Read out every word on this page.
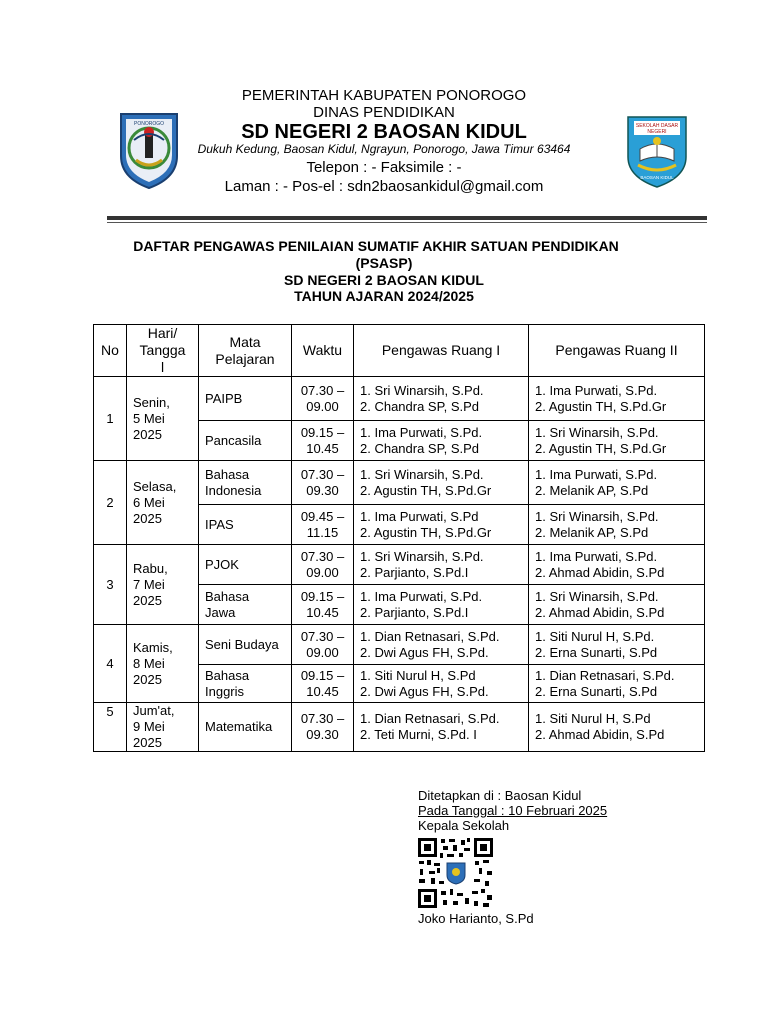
PEMERINTAH KABUPATEN PONOROGO
DINAS PENDIDIKAN
SD NEGERI 2 BAOSAN KIDUL
Dukuh Kedung, Baosan Kidul, Ngrayun, Ponorogo, Jawa Timur 63464
Telepon : - Faksimile : -
Laman : - Pos-el : sdn2baosankidul@gmail.com
PONOROGO	SEKOLAH DASAR
NEGERI
BAOSAN KIDUL
DAFTAR PENGAWAS PENILAIAN SUMATIF AKHIR SATUAN PENDIDIKAN
(PSASP)
SD NEGERI 2 BAOSAN KIDUL
TAHUN AJARAN 2024/2025
No	Hari/
Tangga
l	Mata
Pelajaran	Waktu	Pengawas Ruang I	Pengawas Ruang II
1	Senin,
5 Mei
2025	PAIPB	07.30 –
09.00	1. Sri Winarsih, S.Pd.
2. Chandra SP, S.Pd	1. Ima Purwati, S.Pd.
2. Agustin TH, S.Pd.Gr

		Pancasila	09.15 –
10.45	1. Ima Purwati, S.Pd.
2. Chandra SP, S.Pd	1. Sri Winarsih, S.Pd.
2. Agustin TH, S.Pd.Gr

2	Selasa,
6 Mei
2025	Bahasa
Indonesia	07.30 –
09.30	1. Sri Winarsih, S.Pd.
2. Agustin TH, S.Pd.Gr	1. Ima Purwati, S.Pd.
2. Melanik AP, S.Pd

		IPAS	09.45 –
11.15	1. Ima Purwati, S.Pd
2. Agustin TH, S.Pd.Gr	1. Sri Winarsih, S.Pd.
2. Melanik AP, S.Pd

3	Rabu,
7 Mei
2025	PJOK	07.30 –
09.00	1. Sri Winarsih, S.Pd.
2. Parjianto, S.Pd.I	1. Ima Purwati, S.Pd.
2. Ahmad Abidin, S.Pd

		Bahasa
Jawa	09.15 –
10.45	1. Ima Purwati, S.Pd.
2. Parjianto, S.Pd.I	1. Sri Winarsih, S.Pd.
2. Ahmad Abidin, S.Pd

4	Kamis,
8 Mei
2025	Seni Budaya	07.30 –
09.00	1. Dian Retnasari, S.Pd.
2. Dwi Agus FH, S.Pd.	1. Siti Nurul H, S.Pd.
2. Erna Sunarti, S.Pd

		Bahasa
Inggris	09.15 –
10.45	1. Siti Nurul H, S.Pd
2. Dwi Agus FH, S.Pd.	1. Dian Retnasari, S.Pd.
2. Erna Sunarti, S.Pd

5	Jum'at,
9 Mei
2025	Matematika	07.30 –
09.30	1. Dian Retnasari, S.Pd.
2. Teti Murni, S.Pd. I	1. Siti Nurul H, S.Pd
2. Ahmad Abidin, S.Pd
Ditetapkan di : Baosan Kidul
Pada Tanggal : 10 Februari 2025
Kepala Sekolah
Joko Harianto, S.Pd
